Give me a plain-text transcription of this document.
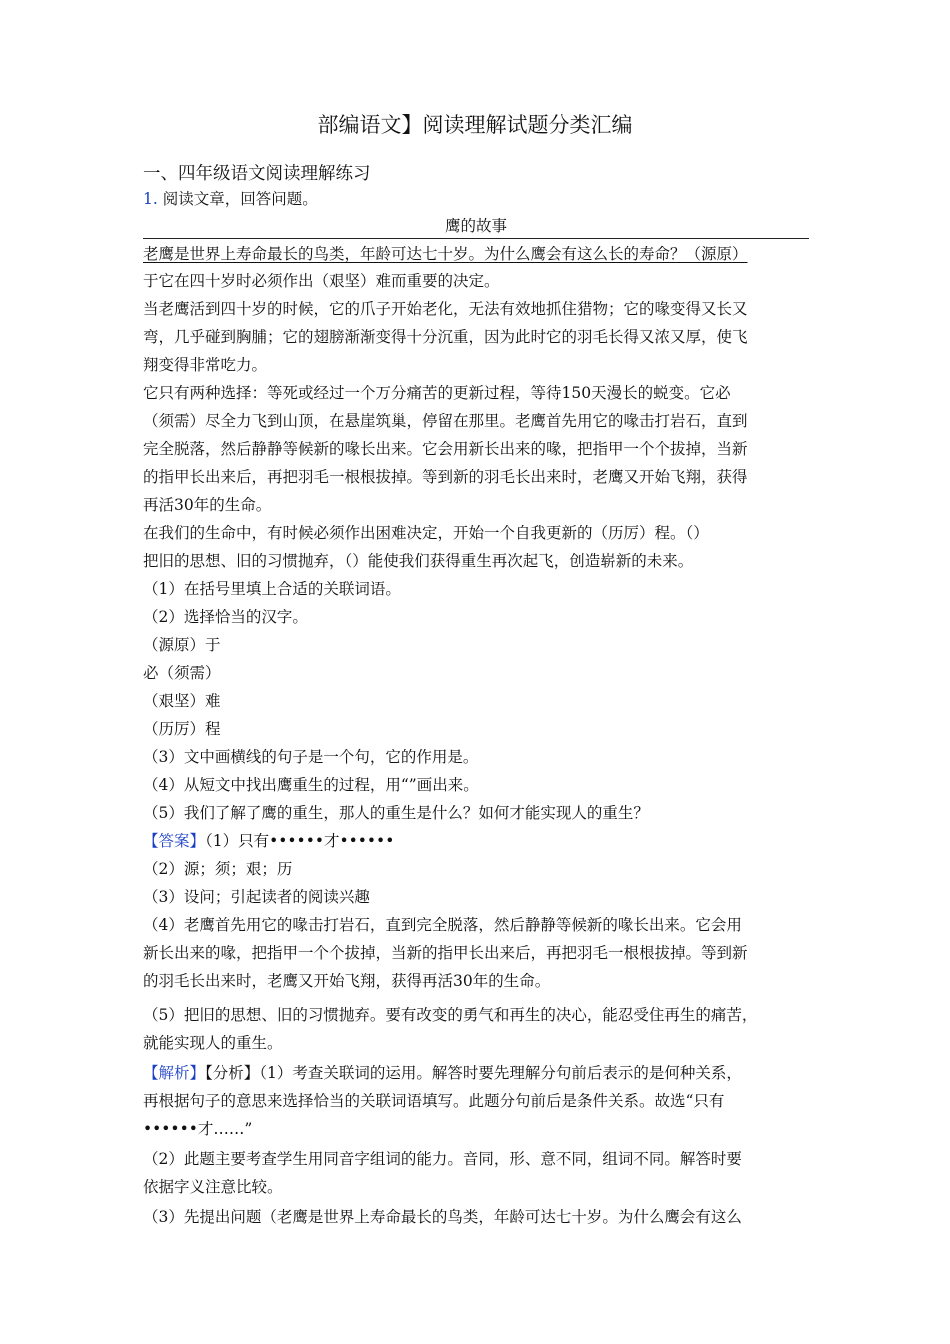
部编语文】阅读理解试题分类汇编
一、四年级语文阅读理解练习
1. 阅读文章，回答问题。
鹰的故事
老鹰是世界上寿命最长的鸟类，年龄可达七十岁。为什么鹰会有这么长的寿命？（源原）
于它在四十岁时必须作出（艰坚）难而重要的决定。
当老鹰活到四十岁的时候，它的爪子开始老化，无法有效地抓住猎物；它的喙变得又长又
弯，几乎碰到胸脯；它的翅膀渐渐变得十分沉重，因为此时它的羽毛长得又浓又厚，使飞
翔变得非常吃力。
它只有两种选择：等死或经过一个万分痛苦的更新过程，等待150天漫长的蜕变。它必
（须需）尽全力飞到山顶，在悬崖筑巢，停留在那里。老鹰首先用它的喙击打岩石，直到
完全脱落，然后静静等候新的喙长出来。它会用新长出来的喙，把指甲一个个拔掉，当新
的指甲长出来后，再把羽毛一根根拔掉。等到新的羽毛长出来时，老鹰又开始飞翔，获得
再活30年的生命。
在我们的生命中，有时候必须作出困难决定，开始一个自我更新的（历厉）程。（）
把旧的思想、旧的习惯抛弃，（）能使我们获得重生再次起飞，创造崭新的未来。
（1）在括号里填上合适的关联词语。
（2）选择恰当的汉字。
（源原）于
必（须需）
（艰坚）难
（历厉）程
（3）文中画横线的句子是一个句，它的作用是。
（4）从短文中找出鹰重生的过程，用“”画出来。
（5）我们了解了鹰的重生，那人的重生是什么？如何才能实现人的重生？
【答案】（1）只有••••••才••••••
（2）源；须；艰；历
（3）设问；引起读者的阅读兴趣
（4）老鹰首先用它的喙击打岩石，直到完全脱落，然后静静等候新的喙长出来。它会用
新长出来的喙，把指甲一个个拔掉，当新的指甲长出来后，再把羽毛一根根拔掉。等到新
的羽毛长出来时，老鹰又开始飞翔，获得再活30年的生命。
（5）把旧的思想、旧的习惯抛弃。要有改变的勇气和再生的决心，能忍受住再生的痛苦，
就能实现人的重生。
【解析】【分析】（1）考查关联词的运用。解答时要先理解分句前后表示的是何种关系，
再根据句子的意思来选择恰当的关联词语填写。此题分句前后是条件关系。故选“只有
••••••才……”
（2）此题主要考查学生用同音字组词的能力。音同，形、意不同，组词不同。解答时要
依据字义注意比较。
（3）先提出问题（老鹰是世界上寿命最长的鸟类，年龄可达七十岁。为什么鹰会有这么
